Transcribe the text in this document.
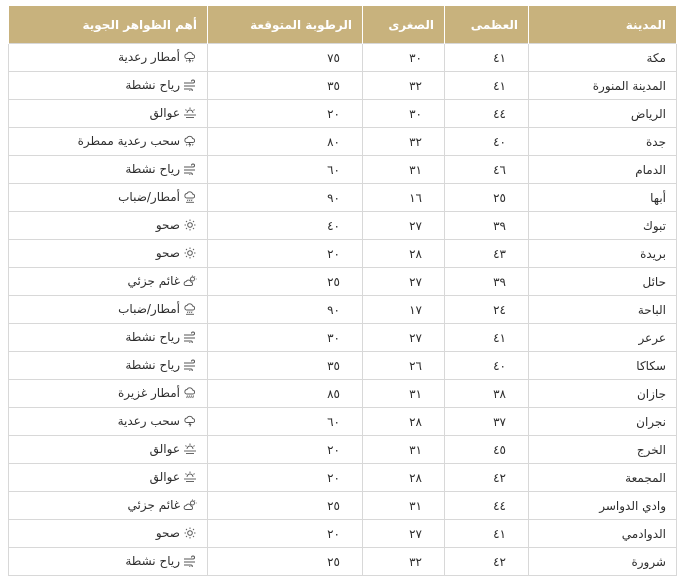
المدينة	العظمى	الصغرى	الرطوبة المتوقعة	أهم الظواهر الجوية
مكة	٤١	٣٠	٧٥	أمطار رعدية

المدينة المنورة	٤١	٣٢	٣٥	رياح نشطة

الرياض	٤٤	٣٠	٢٠	عوالق

جدة	٤٠	٣٢	٨٠	سحب رعدية ممطرة

الدمام	٤٦	٣١	٦٠	رياح نشطة

أبها	٢٥	١٦	٩٠	أمطار/ضباب

تبوك	٣٩	٢٧	٤٠	صحو

بريدة	٤٣	٢٨	٢٠	صحو

حائل	٣٩	٢٧	٢٥	غائم جزئي

الباحة	٢٤	١٧	٩٠	أمطار/ضباب

عرعر	٤١	٢٧	٣٠	رياح نشطة

سكاكا	٤٠	٢٦	٣٥	رياح نشطة

جازان	٣٨	٣١	٨٥	أمطار غزيرة

نجران	٣٧	٢٨	٦٠	سحب رعدية

الخرج	٤٥	٣١	٢٠	عوالق

المجمعة	٤٢	٢٨	٢٠	عوالق

وادي الدواسر	٤٤	٣١	٢٥	غائم جزئي

الدوادمي	٤١	٢٧	٢٠	صحو

شرورة	٤٢	٣٢	٢٥	رياح نشطة
